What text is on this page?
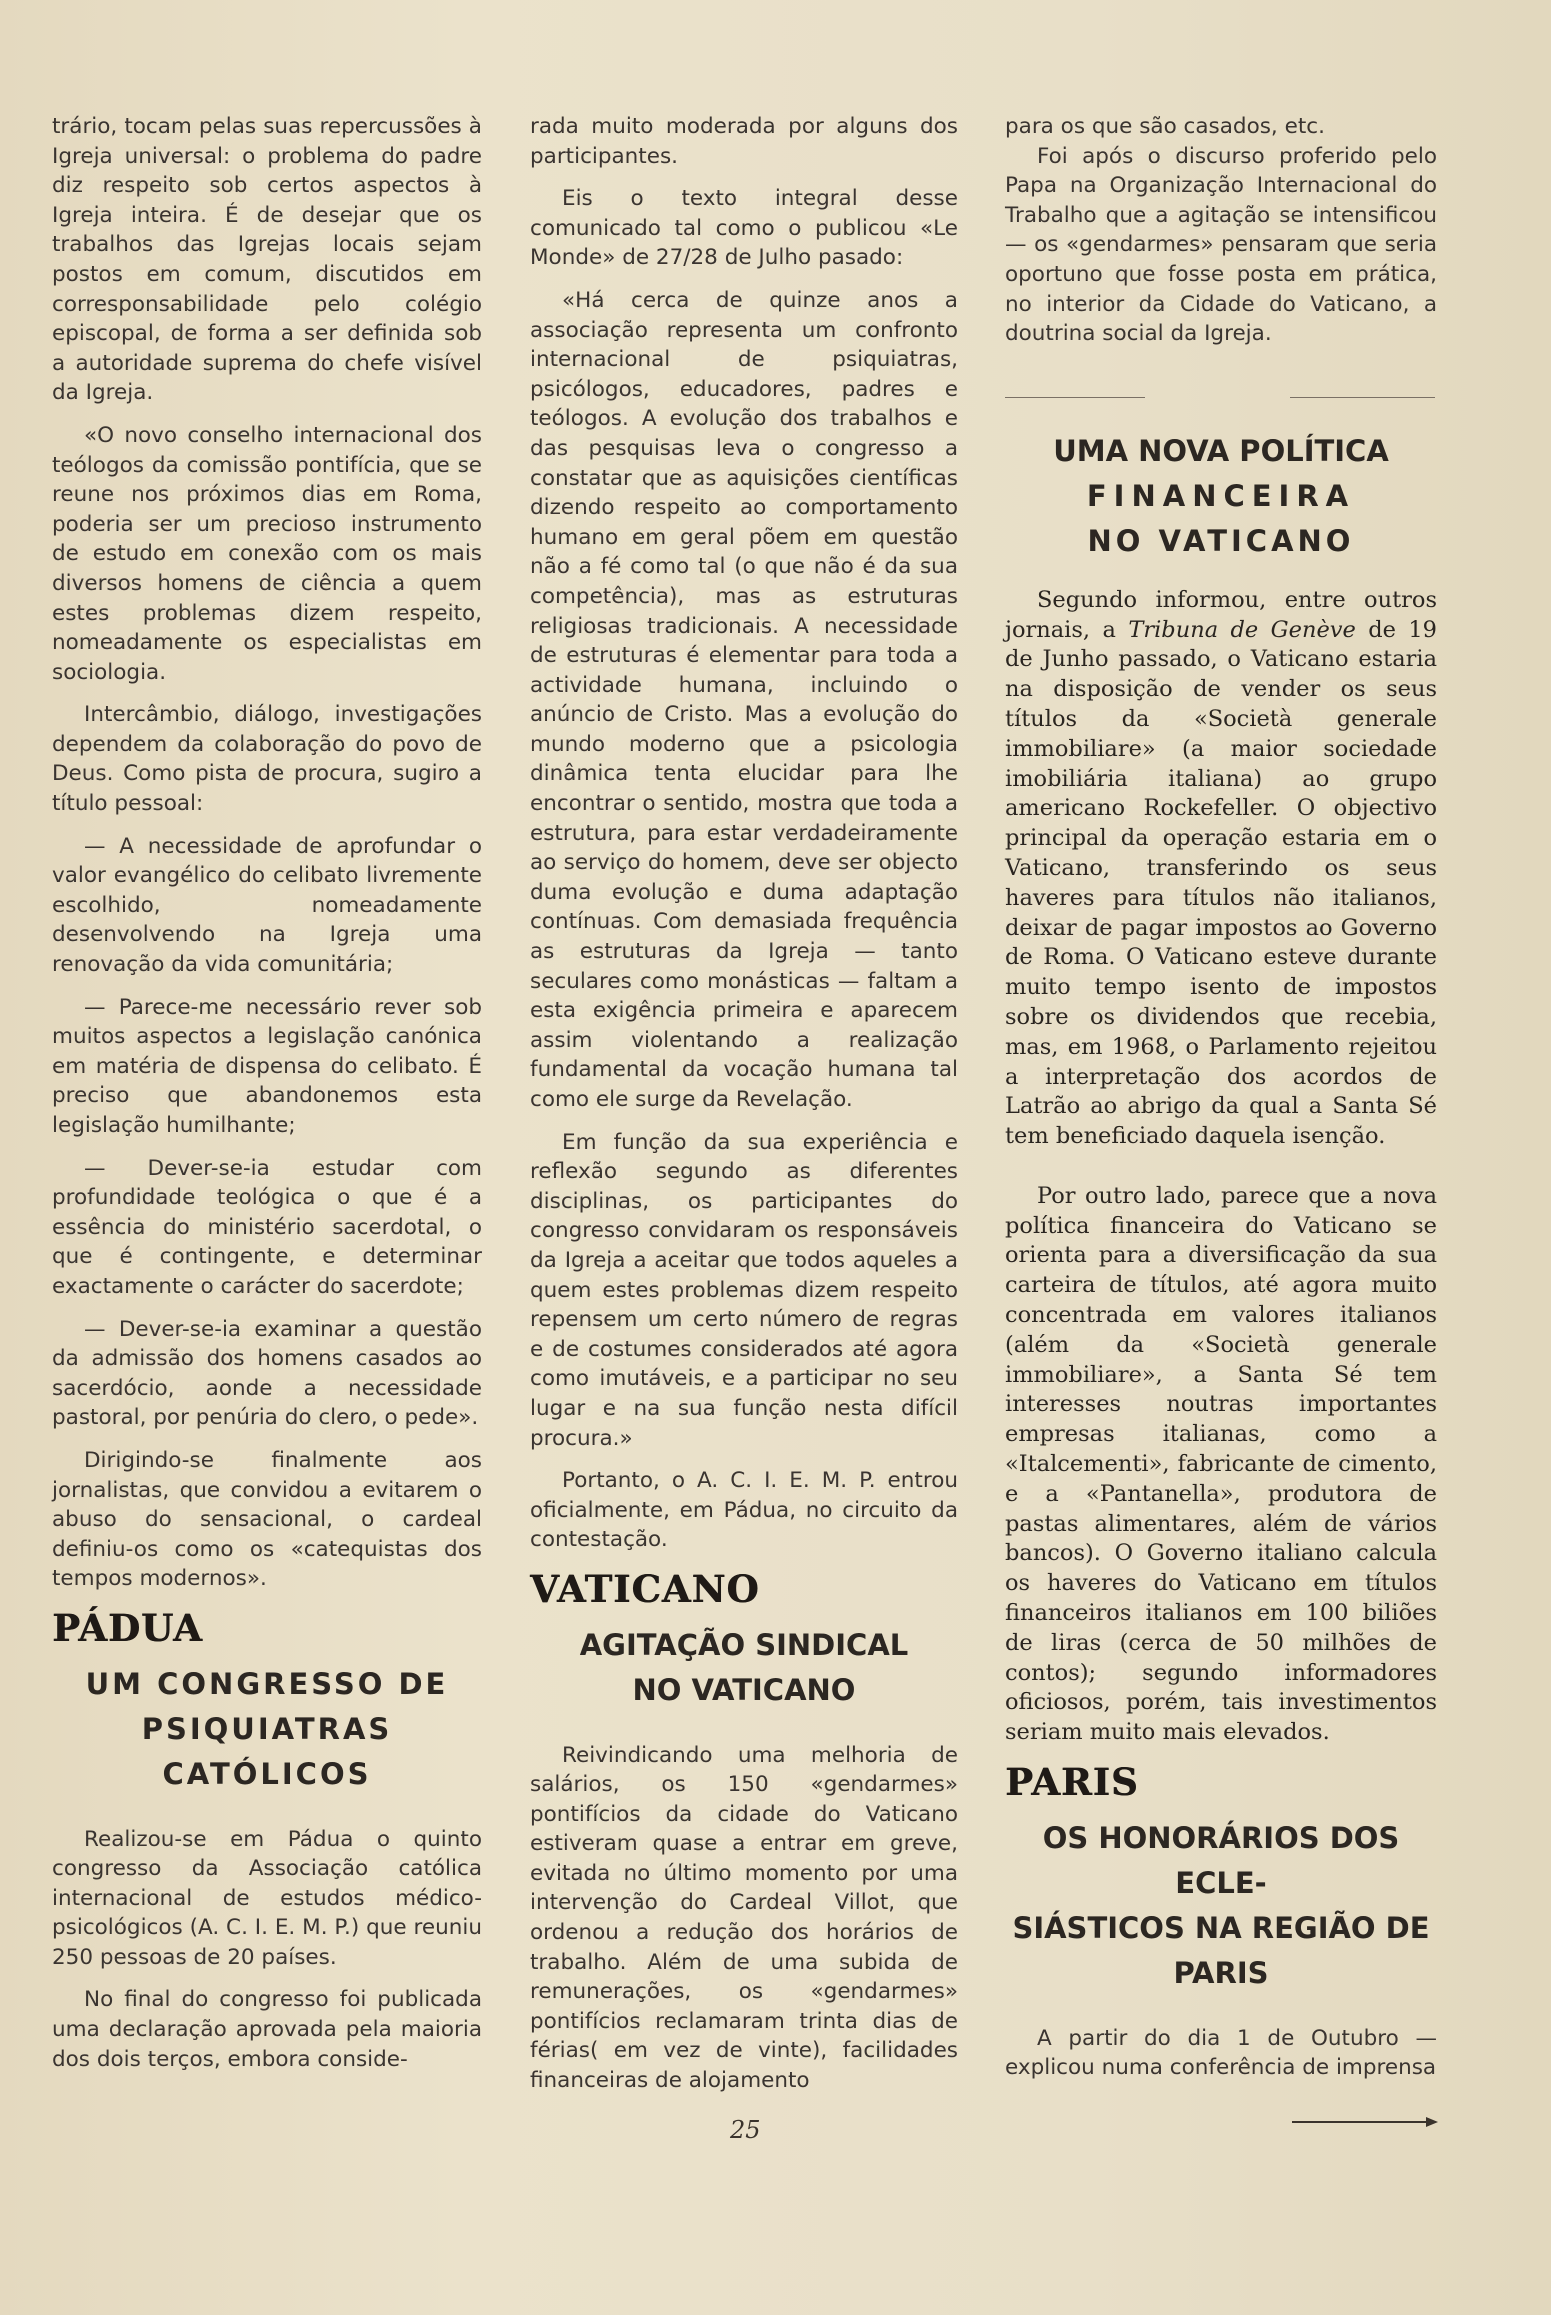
trário, tocam pelas suas repercussões à Igreja universal: o problema do padre diz respeito sob certos aspectos à Igreja inteira. É de desejar que os trabalhos das Igrejas locais sejam postos em comum, discutidos em corresponsabilidade pelo colégio episcopal, de forma a ser definida sob a autoridade suprema do chefe visível da Igreja.

«O novo conselho internacional dos teólogos da comissão pontifícia, que se reune nos próximos dias em Roma, poderia ser um precioso instrumento de estudo em conexão com os mais diversos homens de ciência a quem estes problemas dizem respeito, nomeadamente os especialistas em sociologia.

Intercâmbio, diálogo, investigações dependem da colaboração do povo de Deus. Como pista de procura, sugiro a título pessoal:

— A necessidade de aprofundar o valor evangélico do celibato livremente escolhido, nomeadamente desenvolvendo na Igreja uma renovação da vida comunitária;

— Parece-me necessário rever sob muitos aspectos a legislação canónica em matéria de dispensa do celibato. É preciso que abandonemos esta legislação humilhante;

— Dever-se-ia estudar com profundidade teológica o que é a essência do ministério sacerdotal, o que é contingente, e determinar exactamente o carácter do sacerdote;

— Dever-se-ia examinar a questão da admissão dos homens casados ao sacerdócio, aonde a necessidade pastoral, por penúria do clero, o pede».

Dirigindo-se finalmente aos jornalistas, que convidou a evitarem o abuso do sensacional, o cardeal definiu-os como os «catequistas dos tempos modernos».

PÁDUA
UM CONGRESSO DE PSIQUIATRAS CATÓLICOS

Realizou-se em Pádua o quinto congresso da Associação católica internacional de estudos médico-psicológicos (A. C. I. E. M. P.) que reuniu 250 pessoas de 20 países.

No final do congresso foi publicada uma declaração aprovada pela maioria dos dois terços, embora conside-

rada muito moderada por alguns dos participantes.

Eis o texto integral desse comunicado tal como o publicou «Le Monde» de 27/28 de Julho pasado:

«Há cerca de quinze anos a associação representa um confronto internacional de psiquiatras, psicólogos, educadores, padres e teólogos. A evolução dos trabalhos e das pesquisas leva o congresso a constatar que as aquisições científicas dizendo respeito ao comportamento humano em geral põem em questão não a fé como tal (o que não é da sua competência), mas as estruturas religiosas tradicionais. A necessidade de estruturas é elementar para toda a actividade humana, incluindo o anúncio de Cristo. Mas a evolução do mundo moderno que a psicologia dinâmica tenta elucidar para lhe encontrar o sentido, mostra que toda a estrutura, para estar verdadeiramente ao serviço do homem, deve ser objecto duma evolução e duma adaptação contínuas. Com demasiada frequência as estruturas da Igreja — tanto seculares como monásticas — faltam a esta exigência primeira e aparecem assim violentando a realização fundamental da vocação humana tal como ele surge da Revelação.

Em função da sua experiência e reflexão segundo as diferentes disciplinas, os participantes do congresso convidaram os responsáveis da Igreja a aceitar que todos aqueles a quem estes problemas dizem respeito repensem um certo número de regras e de costumes considerados até agora como imutáveis, e a participar no seu lugar e na sua função nesta difícil procura.»

Portanto, o A. C. I. E. M. P. entrou oficialmente, em Pádua, no circuito da contestação.

VATICANO
AGITAÇÃO SINDICAL
NO VATICANO

Reivindicando uma melhoria de salários, os 150 «gendarmes» pontifícios da cidade do Vaticano estiveram quase a entrar em greve, evitada no último momento por uma intervenção do Cardeal Villot, que ordenou a redução dos horários de trabalho. Além de uma subida de remunerações, os «gendarmes» pontifícios reclamaram trinta dias de férias( em vez de vinte), facilidades financeiras de alojamento

para os que são casados, etc.

Foi após o discurso proferido pelo Papa na Organização Internacional do Trabalho que a agitação se intensificou — os «gendarmes» pensaram que seria oportuno que fosse posta em prática, no interior da Cidade do Vaticano, a doutrina social da Igreja.

UMA NOVA POLÍTICA
FINANCEIRA
NO VATICANO

Segundo informou, entre outros jornais, a Tribuna de Genève de 19 de Junho passado, o Vaticano estaria na disposição de vender os seus títulos da «Società generale immobiliare» (a maior sociedade imobiliária italiana) ao grupo americano Rockefeller. O objectivo principal da operação estaria em o Vaticano, transferindo os seus haveres para títulos não italianos, deixar de pagar impostos ao Governo de Roma. O Vaticano esteve durante muito tempo isento de impostos sobre os dividendos que recebia, mas, em 1968, o Parlamento rejeitou a interpretação dos acordos de Latrão ao abrigo da qual a Santa Sé tem beneficiado daquela isenção.

Por outro lado, parece que a nova política financeira do Vaticano se orienta para a diversificação da sua carteira de títulos, até agora muito concentrada em valores italianos (além da «Società generale immobiliare», a Santa Sé tem interesses noutras importantes empresas italianas, como a «Italcementi», fabricante de cimento, e a «Pantanella», produtora de pastas alimentares, além de vários bancos). O Governo italiano calcula os haveres do Vaticano em títulos financeiros italianos em 100 biliões de liras (cerca de 50 milhões de contos); segundo informadores oficiosos, porém, tais investimentos seriam muito mais elevados.

PARIS
OS HONORÁRIOS DOS ECLE-
SIÁSTICOS NA REGIÃO DE
PARIS

A partir do dia 1 de Outubro — explicou numa conferência de imprensa

25
